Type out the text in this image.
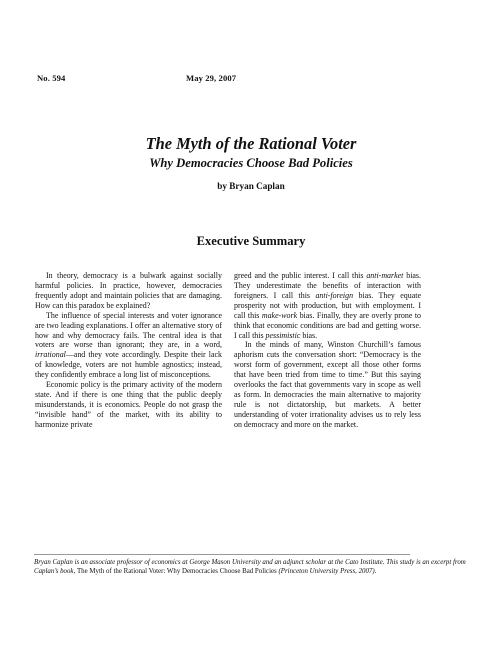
No. 594	May 29, 2007
The Myth of the Rational Voter
Why Democracies Choose Bad Policies
by Bryan Caplan
Executive Summary

In theory, democracy is a bulwark against socially harmful policies. In practice, however, democracies frequently adopt and maintain policies that are damaging. How can this paradox be explained?

The influence of special interests and voter ignorance are two leading explanations. I offer an alternative story of how and why democracy fails. The central idea is that voters are worse than ignorant; they are, in a word, irrational—and they vote accordingly. Despite their lack of knowledge, voters are not humble agnostics; instead, they confidently embrace a long list of misconceptions.

Economic policy is the primary activity of the modern state. And if there is one thing that the public deeply misunderstands, it is economics. People do not grasp the “invisible hand” of the market, with its ability to harmonize private

greed and the public interest. I call this anti-market bias. They underestimate the benefits of interaction with foreigners. I call this anti-foreign bias. They equate prosperity not with production, but with employment. I call this make-work bias. Finally, they are overly prone to think that economic conditions are bad and getting worse. I call this pessimistic bias.

In the minds of many, Winston Churchill’s famous aphorism cuts the conversation short: “Democracy is the worst form of government, except all those other forms that have been tried from time to time.” But this saying overlooks the fact that governments vary in scope as well as form. In democracies the main alternative to majority rule is not dictatorship, but markets. A better understanding of voter irrationality advises us to rely less on democracy and more on the market.

Bryan Caplan is an associate professor of economics at George Mason University and an adjunct scholar at the Cato Institute. This study is an excerpt from Caplan’s book, The Myth of the Rational Voter: Why Democracies Choose Bad Policies (Princeton University Press, 2007).
